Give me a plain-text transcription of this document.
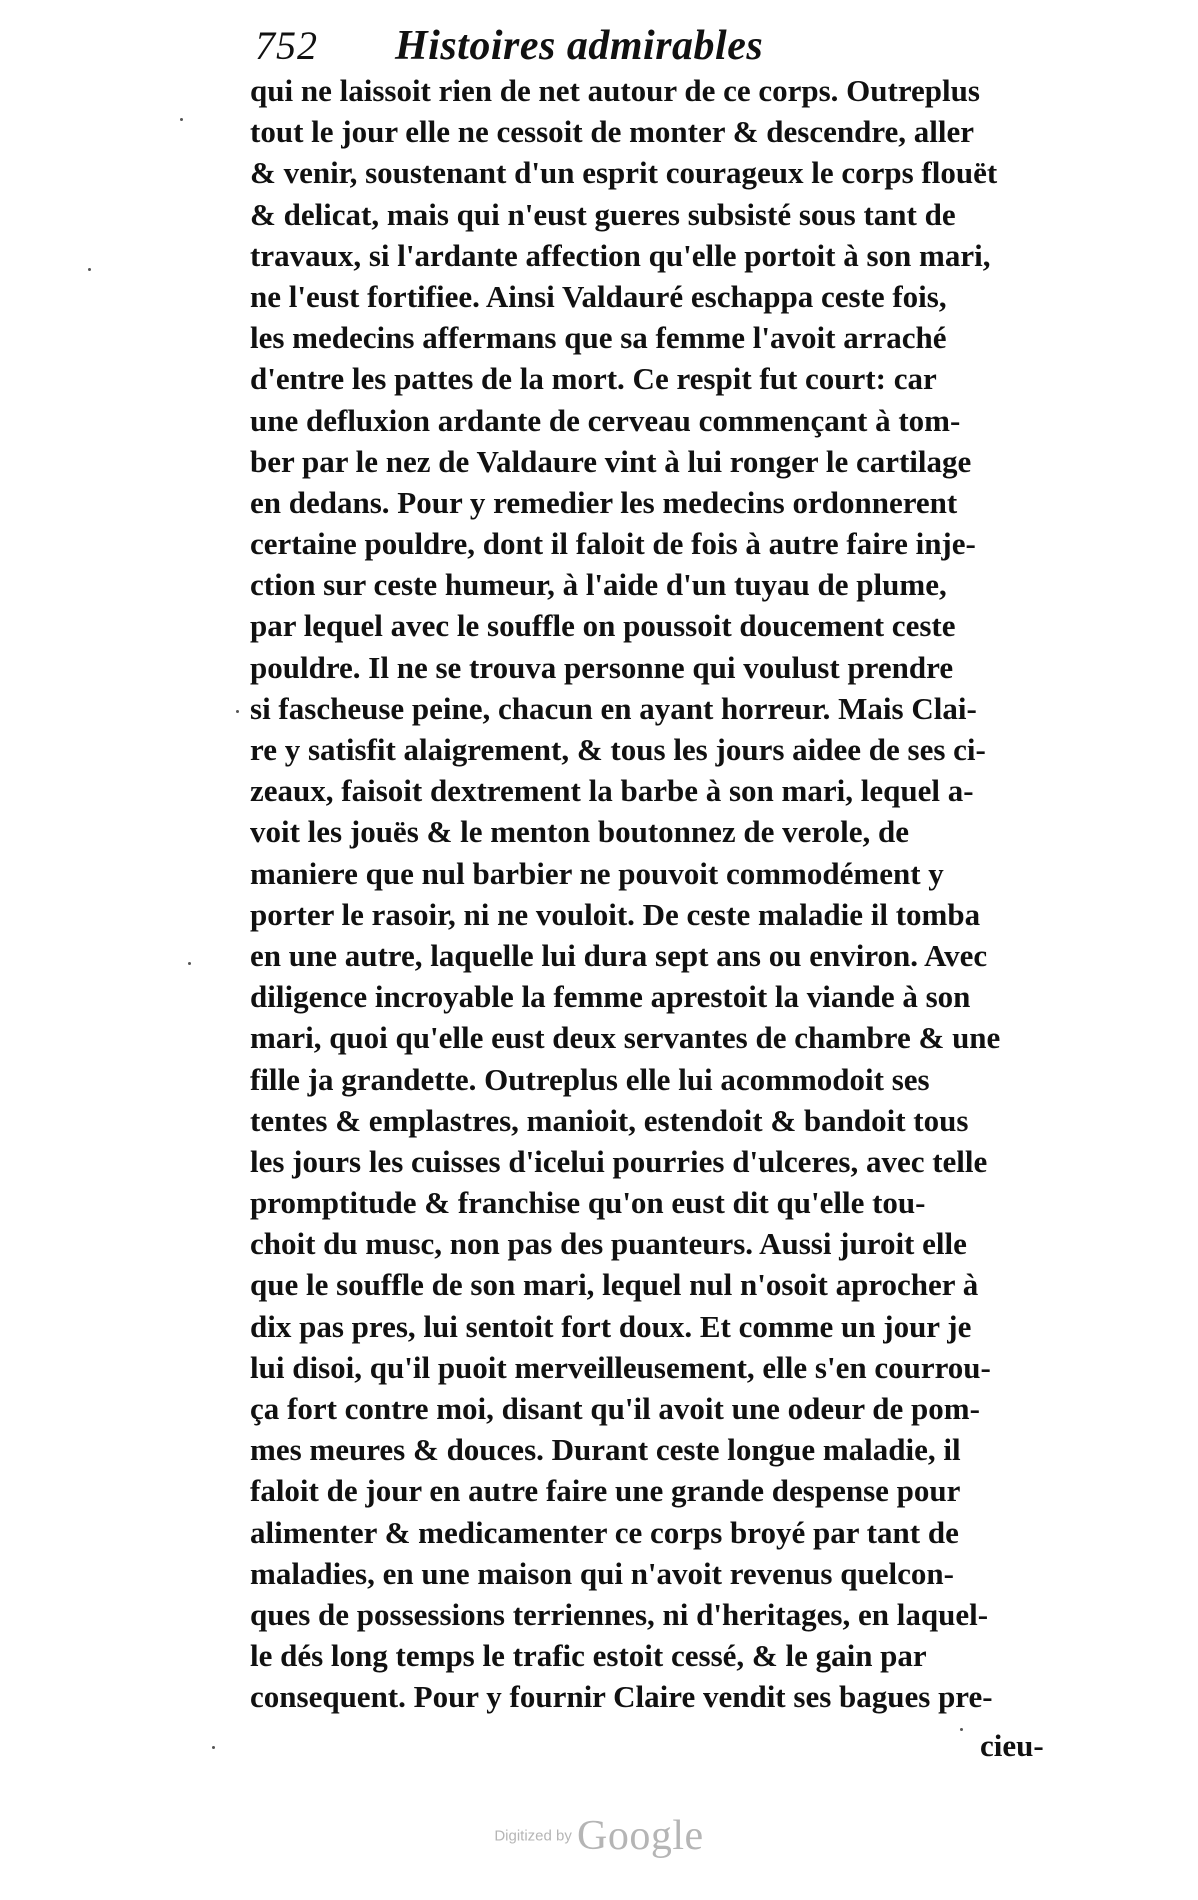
752 Histoires admirables
qui ne laissoit rien de net autour de ce corps. Outreplus
tout le jour elle ne cessoit de monter & descendre, aller
& venir, soustenant d'un esprit courageux le corps flouët
& delicat, mais qui n'eust gueres subsisté sous tant de
travaux, si l'ardante affection qu'elle portoit à son mari,
ne l'eust fortifiee. Ainsi Valdauré eschappa ceste fois,
les medecins affermans que sa femme l'avoit arraché
d'entre les pattes de la mort. Ce respit fut court: car
une defluxion ardante de cerveau commençant à tom-
ber par le nez de Valdaure vint à lui ronger le cartilage
en dedans. Pour y remedier les medecins ordonnerent
certaine pouldre, dont il faloit de fois à autre faire injе-
ction sur ceste humeur, à l'aide d'un tuyau de plume,
par lequel avec le souffle on poussoit doucement ceste
pouldre. Il ne se trouva personne qui voulust prendre
si fascheuse peine, chacun en ayant horreur. Mais Clai-
re y satisfit alaigrement, & tous les jours aidee de ses ci-
zeaux, faisoit dextrement la barbe à son mari, lequel a-
voit les jouës & le menton boutonnez de verole, de
maniere que nul barbier ne pouvoit commodément y
porter le rasoir, ni ne vouloit. De ceste maladie il tomba
en une autre, laquelle lui dura sept ans ou environ. Avec
diligence incroyable la femme aprestoit la viande à son
mari, quoi qu'elle eust deux servantes de chambre & une
fille ja grandette. Outreplus elle lui acommodoit ses
tentes & emplastres, manioit, estendoit & bandoit tous
les jours les cuisses d'icelui pourries d'ulceres, avec telle
promptitude & franchise qu'on eust dit qu'elle tou-
choit du musc, non pas des puanteurs. Aussi juroit elle
que le souffle de son mari, lequel nul n'osoit aprocher à
dix pas pres, lui sentoit fort doux. Et comme un jour je
lui disoi, qu'il puoit merveilleusement, elle s'en courrou-
ça fort contre moi, disant qu'il avoit une odeur de pom-
mes meures & douces. Durant ceste longue maladie, il
faloit de jour en autre faire une grande despense pour
alimenter & medicamenter ce corps broyé par tant de
maladies, en une maison qui n'avoit revenus quelcon-
ques de possessions terriennes, ni d'heritages, en laquel-
le dés long temps le trafic estoit cessé, & le gain par
consequent. Pour y fournir Claire vendit ses bagues pre-
cieu-
Digitized by Google
